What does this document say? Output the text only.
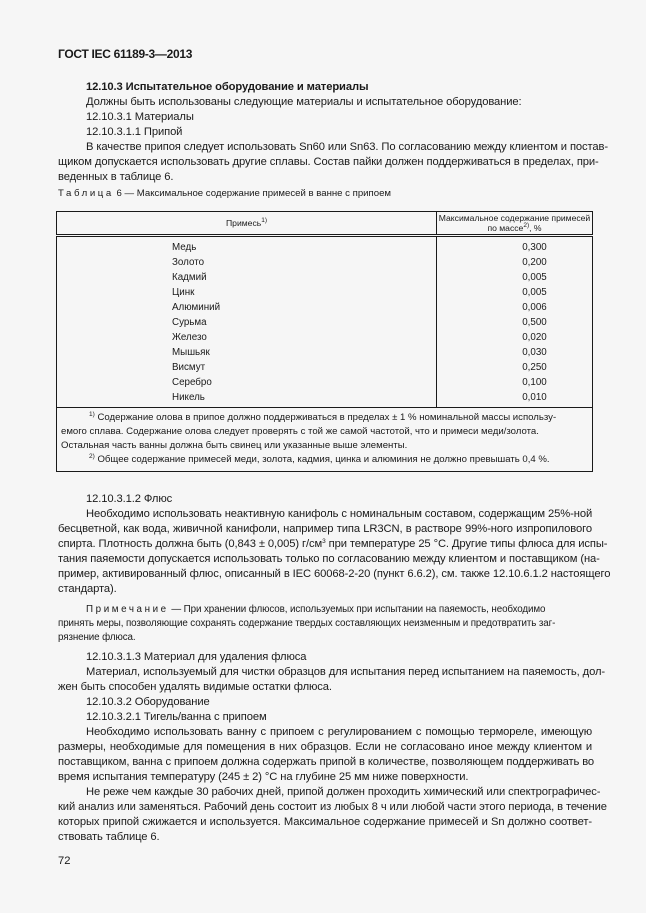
ГОСТ IEC 61189-3—2013
12.10.3 Испытательное оборудование и материалы
Должны быть использованы следующие материалы и испытательное оборудование:
12.10.3.1 Материалы
12.10.3.1.1 Припой
В качестве припоя следует использовать Sn60 или Sn63. По согласованию между клиентом и постав-
щиком допускается использовать другие сплавы. Состав пайки должен поддерживаться в пределах, при-
веденных в таблице 6.
Таблица 6 — Максимальное содержание примесей в ванне с припоем
Примесь$^{1)}$	Максимальное содержание примесей по массе$^{2)}$, %
Медь	0,300
Золото	0,200
Кадмий	0,005
Цинк	0,005
Алюминий	0,006
Сурьма	0,500
Железо	0,020
Мышьяк	0,030
Висмут	0,250
Серебро	0,100
Никель	0,010

$^{1)}$ Содержание олова в припое должно поддерживаться в пределах ± 1 % номинальной массы использу-
емого сплава. Содержание олова следует проверять с той же самой частотой, что и примеси меди/золота.
Остальная часть ванны должна быть свинец или указанные выше элементы.
$^{2)}$ Общее содержание примесей меди, золота, кадмия, цинка и алюминия не должно превышать 0,4 %.	
12.10.3.1.2 Флюс
Необходимо использовать неактивную канифоль с номинальным составом, содержащим 25%-ной
бесцветной, как вода, живичной канифоли, например типа LR3CN, в растворе 99%-ного изпропилового
спирта. Плотность должна быть (0,843 ± 0,005) $г/см^3$ при температуре 25 °С. Другие типы флюса для испы-
тания паяемости допускается использовать только по согласованию между клиентом и поставщиком (на-
пример, активированный флюс, описанный в IEC 60068-2-20 (пункт 6.6.2), см. также 12.10.6.1.2 настоящего
стандарта).
Примечание — При хранении флюсов, используемых при испытании на паяемость, необходимо
принять меры, позволяющие сохранять содержание твердых составляющих неизменным и предотвратить заг-
рязнение флюса.
12.10.3.1.3 Материал для удаления флюса
Материал, используемый для чистки образцов для испытания перед испытанием на паяемость, дол-
жен быть способен удалять видимые остатки флюса.
12.10.3.2 Оборудование
12.10.3.2.1 Тигель/ванна с припоем
Необходимо использовать ванну с припоем с регулированием с помощью термореле, имеющую
размеры, необходимые для помещения в них образцов. Если не согласовано иное между клиентом и
поставщиком, ванна с припоем должна содержать припой в количестве, позволяющем поддерживать во
время испытания температуру (245 ± 2) °С на глубине 25 мм ниже поверхности.
Не реже чем каждые 30 рабочих дней, припой должен проходить химический или спектрографичес-
кий анализ или заменяться. Рабочий день состоит из любых 8 ч или любой части этого периода, в течение
которых припой сжижается и используется. Максимальное содержание примесей и Sn должно соответ-
ствовать таблице 6.
72
